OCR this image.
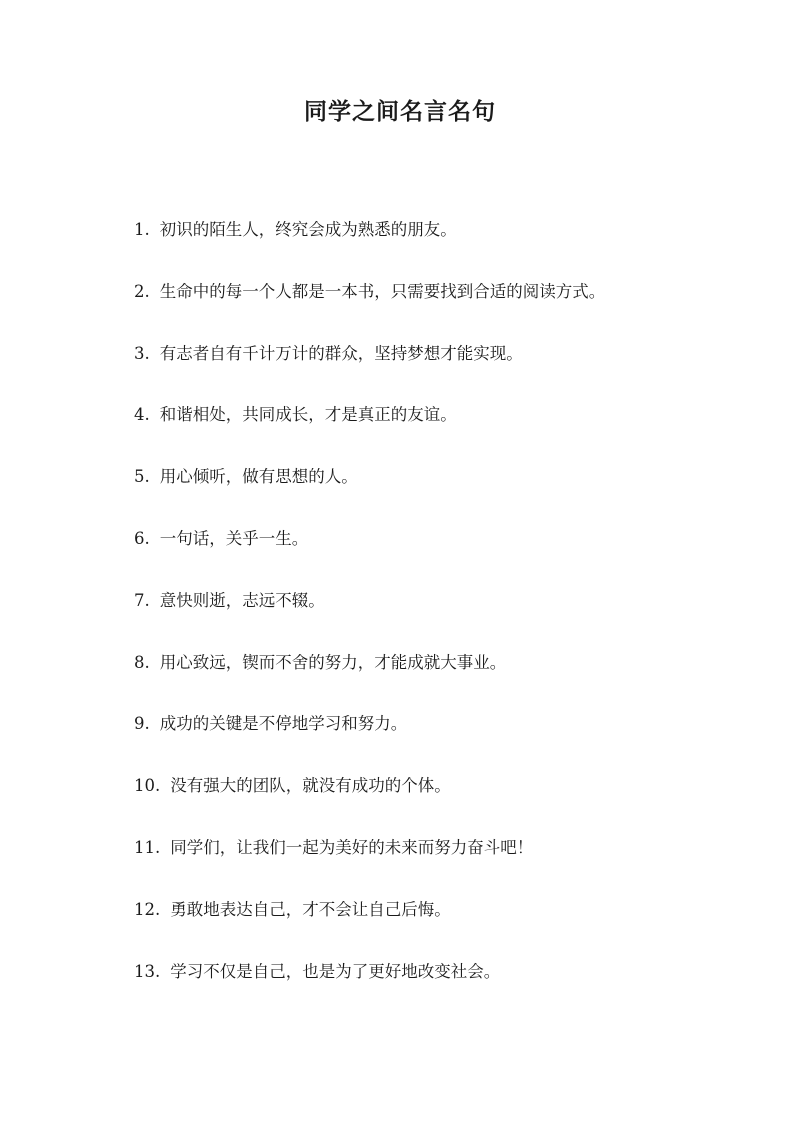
同学之间名言名句
1. 初识的陌生人，终究会成为熟悉的朋友。
2. 生命中的每一个人都是一本书，只需要找到合适的阅读方式。
3. 有志者自有千计万计的群众，坚持梦想才能实现。
4. 和谐相处，共同成长，才是真正的友谊。
5. 用心倾听，做有思想的人。
6. 一句话，关乎一生。
7. 意快则逝，志远不辍。
8. 用心致远，锲而不舍的努力，才能成就大事业。
9. 成功的关键是不停地学习和努力。
10. 没有强大的团队，就没有成功的个体。
11. 同学们，让我们一起为美好的未来而努力奋斗吧！
12. 勇敢地表达自己，才不会让自己后悔。
13. 学习不仅是自己，也是为了更好地改变社会。
